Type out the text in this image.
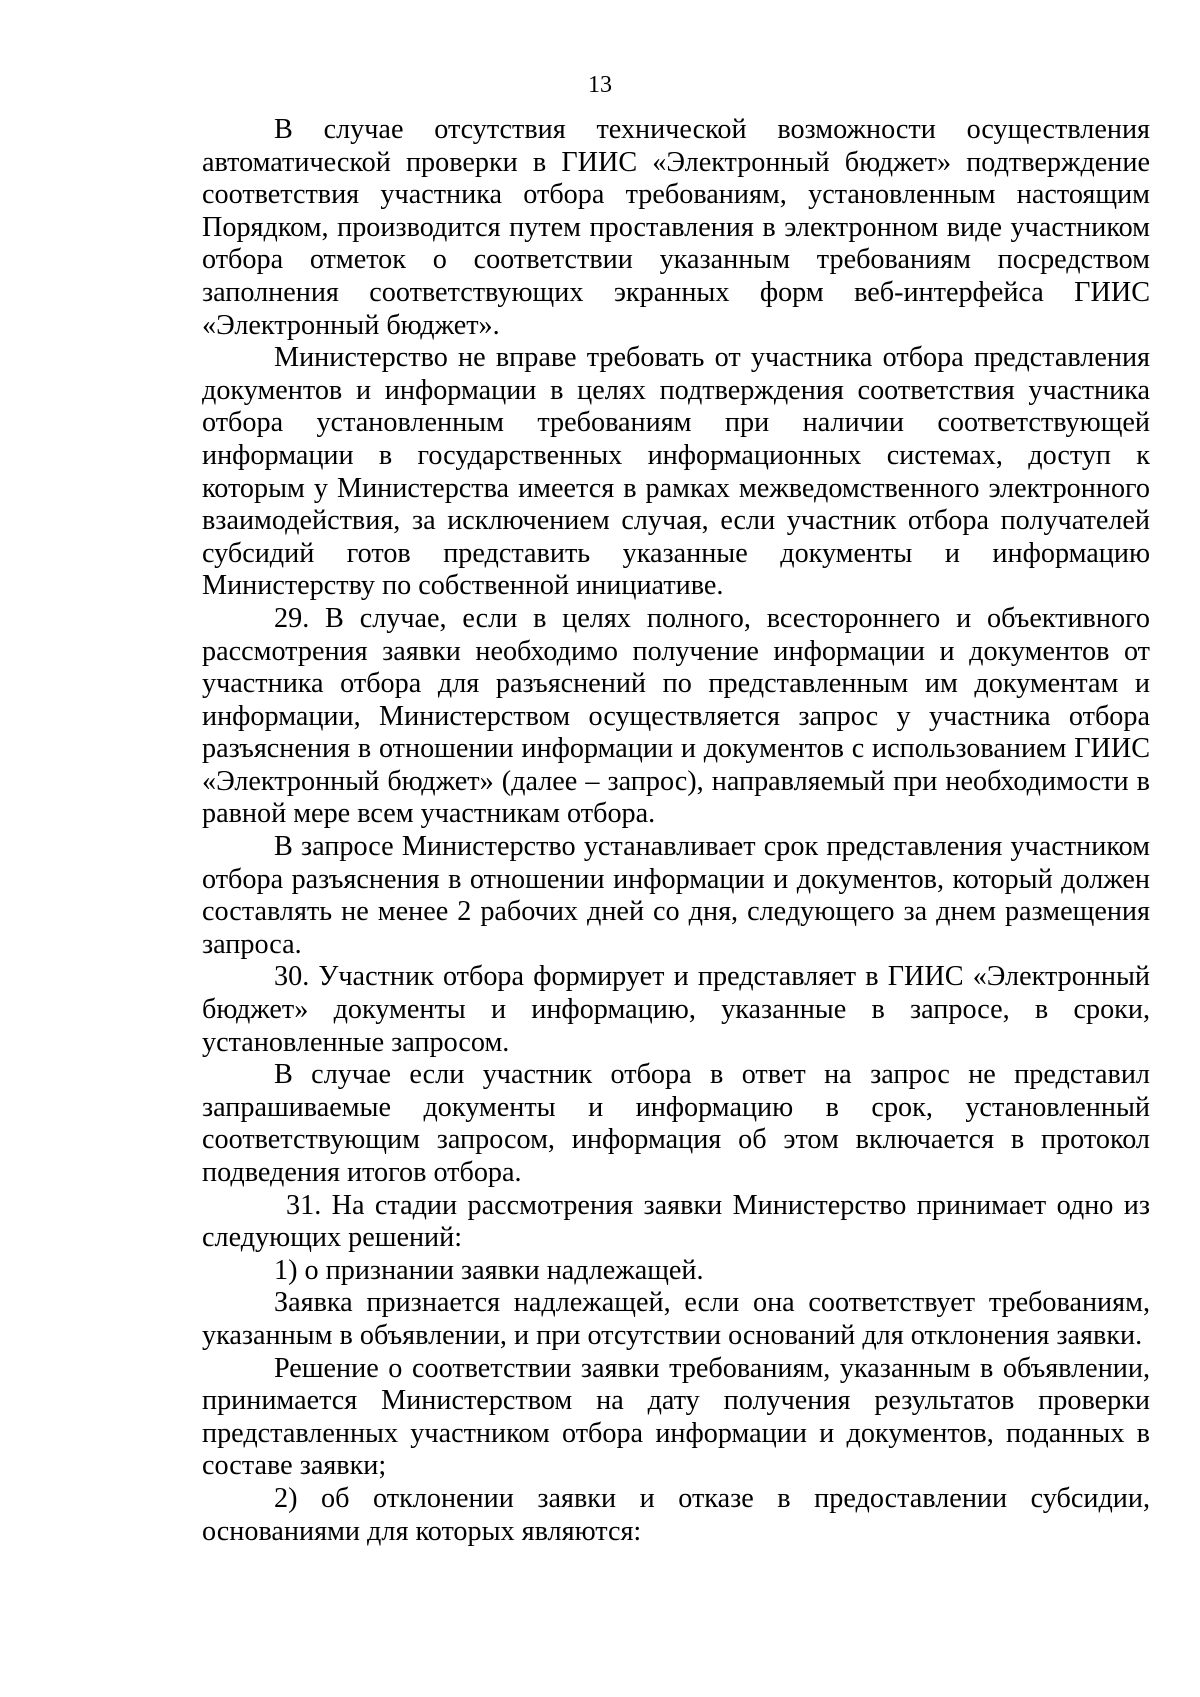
13

В случае отсутствия технической возможности осуществления автоматической проверки в ГИИС «Электронный бюджет» подтверждение соответствия участника отбора требованиям, установленным настоящим Порядком, производится путем проставления в электронном виде участником отбора отметок о соответствии указанным требованиям посредством заполнения соответствующих экранных форм веб-интерфейса ГИИС «Электронный бюджет».

Министерство не вправе требовать от участника отбора представления документов и информации в целях подтверждения соответствия участника отбора установленным требованиям при наличии соответствующей информации в государственных информационных системах, доступ к которым у Министерства имеется в рамках межведомственного электронного взаимодействия, за исключением случая, если участник отбора получателей субсидий готов представить указанные документы и информацию Министерству по собственной инициативе.

29. В случае, если в целях полного, всестороннего и объективного рассмотрения заявки необходимо получение информации и документов от участника отбора для разъяснений по представленным им документам и информации, Министерством осуществляется запрос у участника отбора разъяснения в отношении информации и документов с использованием ГИИС «Электронный бюджет» (далее – запрос), направляемый при необходимости в равной мере всем участникам отбора.

В запросе Министерство устанавливает срок представления участником отбора разъяснения в отношении информации и документов, который должен составлять не менее 2 рабочих дней со дня, следующего за днем размещения запроса.

30. Участник отбора формирует и представляет в ГИИС «Электронный бюджет» документы и информацию, указанные в запросе, в сроки, установленные запросом.

В случае если участник отбора в ответ на запрос не представил запрашиваемые документы и информацию в срок, установленный соответствующим запросом, информация об этом включается в протокол подведения итогов отбора.

31. На стадии рассмотрения заявки Министерство принимает одно из следующих решений:

1) о признании заявки надлежащей.

Заявка признается надлежащей, если она соответствует требованиям, указанным в объявлении, и при отсутствии оснований для отклонения заявки.

Решение о соответствии заявки требованиям, указанным в объявлении, принимается Министерством на дату получения результатов проверки представленных участником отбора информации и документов, поданных в составе заявки;

2) об отклонении заявки и отказе в предоставлении субсидии, основаниями для которых являются:
